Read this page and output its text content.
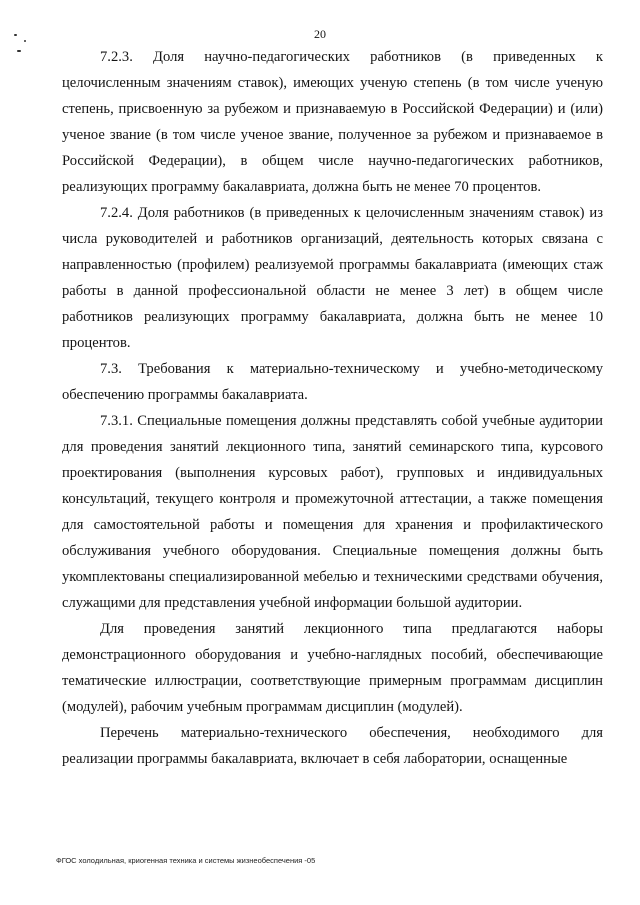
20

7.2.3. Доля научно-педагогических работников (в приведенных к целочисленным значениям ставок), имеющих ученую степень (в том числе ученую степень, присвоенную за рубежом и признаваемую в Российской Федерации) и (или) ученое звание (в том числе ученое звание, полученное за рубежом и признаваемое в Российской Федерации), в общем числе научно-педагогических работников, реализующих программу бакалавриата, должна быть не менее 70 процентов.

7.2.4. Доля работников (в приведенных к целочисленным значениям ставок) из числа руководителей и работников организаций, деятельность которых связана с направленностью (профилем) реализуемой программы бакалавриата (имеющих стаж работы в данной профессиональной области не менее 3 лет) в общем числе работников реализующих программу бакалавриата, должна быть не менее 10 процентов.

7.3. Требования к материально-техническому и учебно-методическому обеспечению программы бакалавриата.

7.3.1. Специальные помещения должны представлять собой учебные аудитории для проведения занятий лекционного типа, занятий семинарского типа, курсового проектирования (выполнения курсовых работ), групповых и индивидуальных консультаций, текущего контроля и промежуточной аттестации, а также помещения для самостоятельной работы и помещения для хранения и профилактического обслуживания учебного оборудования. Специальные помещения должны быть укомплектованы специализированной мебелью и техническими средствами обучения, служащими для представления учебной информации большой аудитории.

Для проведения занятий лекционного типа предлагаются наборы демонстрационного оборудования и учебно-наглядных пособий, обеспечивающие тематические иллюстрации, соответствующие примерным программам дисциплин (модулей), рабочим учебным программам дисциплин (модулей).

Перечень материально-технического обеспечения, необходимого для реализации программы бакалавриата, включает в себя лаборатории, оснащенные

ФГОС холодильная, криогенная техника и системы жизнеобеспечения -05
